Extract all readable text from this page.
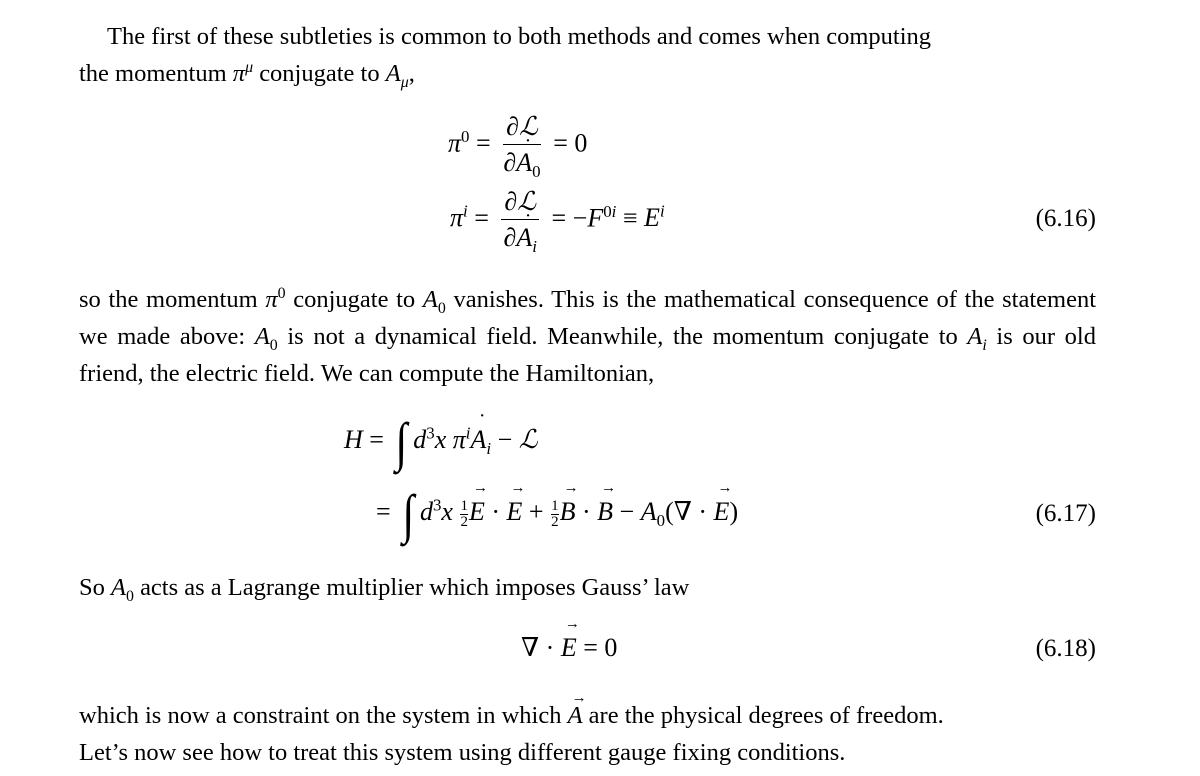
The first of these subtleties is common to both methods and comes when computing
the momentum $\pi^\mu$ conjugate to $A_\mu$,
$\pi^0 = \frac{\text{∂ℒ}}{\partial˙ A_0} = 0$
$\pi^i = \frac{\text{∂ℒ}}{\partial˙ A_i} = -F^{0i} \equiv E^i$	(6.16)
so the momentum $\pi^0$ conjugate to $A_0$ vanishes. This is the mathematical consequence of the statement we made above: $A_0$ is not a dynamical field. Meanwhile, the momentum conjugate to $A_i$ is our old friend, the electric field. We can compute the Hamiltonian,
H = ∫ $d^3x$ $\pi^i˙$ $A_i$ − ℒ
= ∫ $d^3x \frac{1}{2} \to E$ · → $E + \frac{1}{2} \to B$ · → $B - A_0(\nabla$ · → E)	(6.17)
So $A_0$ acts as a Lagrange multiplier which imposes Gauss’ law
∇ · → E = 0	(6.18)
which is now a constraint on the system in which → A are the physical degrees of freedom.
Let’s now see how to treat this system using different gauge fixing conditions.
